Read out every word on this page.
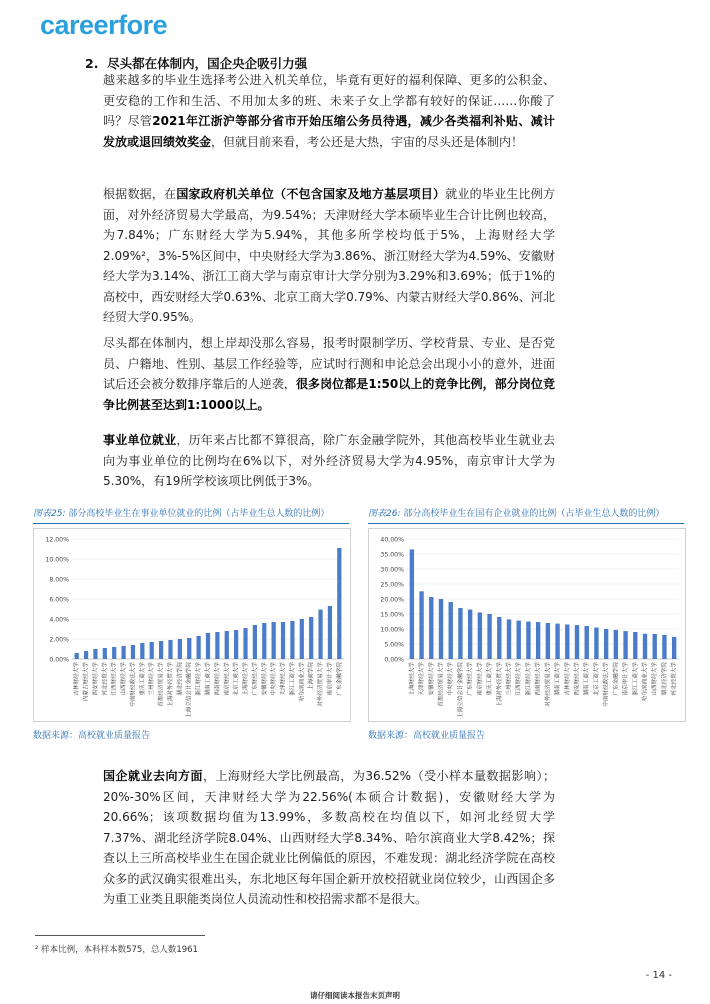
careerfore
2. 尽头都在体制内，国企央企吸引力强
越来越多的毕业生选择考公进入机关单位，毕竟有更好的福利保障、更多的公积金、更安稳的工作和生活、不用加太多的班、未来子女上学都有较好的保证……你酸了吗？尽管2021年江浙沪等部分省市开始压缩公务员待遇，减少各类福利补贴、减计发放或退回绩效奖金，但就目前来看，考公还是大热，宇宙的尽头还是体制内！
根据数据，在国家政府机关单位（不包含国家及地方基层项目）就业的毕业生比例方面，对外经济贸易大学最高，为9.54%；天津财经大学本硕毕业生合计比例也较高，为7.84%；广东财经大学为5.94%，其他多所学校均低于5%，上海财经大学2.09%²，3%-5%区间中，中央财经大学为3.86%、浙江财经大学为4.59%、安徽财经大学为3.14%、浙江工商大学与南京审计大学分别为3.29%和3.69%；低于1%的高校中，西安财经大学0.63%、北京工商大学0.79%、内蒙古财经大学0.86%、河北经贸大学0.95%。
尽头都在体制内，想上岸却没那么容易，报考时限制学历、学校背景、专业、是否党员、户籍地、性别、基层工作经验等，应试时行测和申论总会出现小小的意外，进面试后还会被分数排序靠后的人逆袭，很多岗位都是1:50以上的竞争比例，部分岗位竞争比例甚至达到1:1000以上。
事业单位就业，历年来占比都不算很高，除广东金融学院外，其他高校毕业生就业去向为事业单位的比例均在6%以下，对外经济贸易大学为4.95%，南京审计大学为5.30%，有19所学校该项比例低于3%。
图表25: 部分高校毕业生在事业单位就业的比例（占毕业生总人数的比例）
0.00%
2.00%
4.00%
6.00%
8.00%
10.00%
12.00%
吉林财经大学 内蒙古财经大学 西安财经大学 河北经贸大学 江西财经大学 山西财经大学 中南财经政法大学 重庆工商大学 兰州财经大学 首都经济贸易大学 上海对外经贸大学 湖北经济学院 上海立信会计金融学院 浙江财经大学 湖南工商大学 西南财经大学 南京财经大学 北京工商大学 上海财经大学 广东财经大学 安徽财经大学 中央财经大学 天津财经大学 浙江工商大学 哈尔滨商业大学 上海商学院 对外经济贸易大学 南京审计大学 广东金融学院
数据来源：高校就业质量报告
图表26: 部分高校毕业生在国有企业就业的比例（占毕业生总人数的比例）
0.00%
5.00%
10.00%
15.00%
20.00%
25.00%
30.00%
35.00%
40.00%
上海财经大学 天津财经大学 安徽财经大学 首都经济贸易大学 中央财经大学 上海立信会计金融学院 广东财经大学 南京财经大学 重庆工商大学 上海对外经贸大学 兰州财经大学 江西财经大学 浙江财经大学 西南财经大学 对外经济贸易大学 湖南工商大学 吉林财经大学 西安财经大学 湖南工商大学 北京工商大学 中南财经政法大学 广东金融学院 南京审计大学 浙江工商大学 哈尔滨商业大学 山西财经大学 湖北经济学院 河北经贸大学
数据来源：高校就业质量报告
国企就业去向方面，上海财经大学比例最高，为36.52%（受小样本量数据影响）；20%-30%区间，天津财经大学为22.56%(本硕合计数据)，安徽财经大学为20.66%；该项数据均值为13.99%，多数高校在均值以下，如河北经贸大学7.37%、湖北经济学院8.04%、山西财经大学8.34%、哈尔滨商业大学8.42%；探查以上三所高校毕业生在国企就业比例偏低的原因，不难发现：湖北经济学院在高校众多的武汉确实很难出头，东北地区每年国企新开放校招就业岗位较少，山西国企多为重工业类且职能类岗位人员流动性和校招需求都不是很大。
² 样本比例，本科样本数575，总人数1961
- 14 -
请仔细阅读本报告末页声明
